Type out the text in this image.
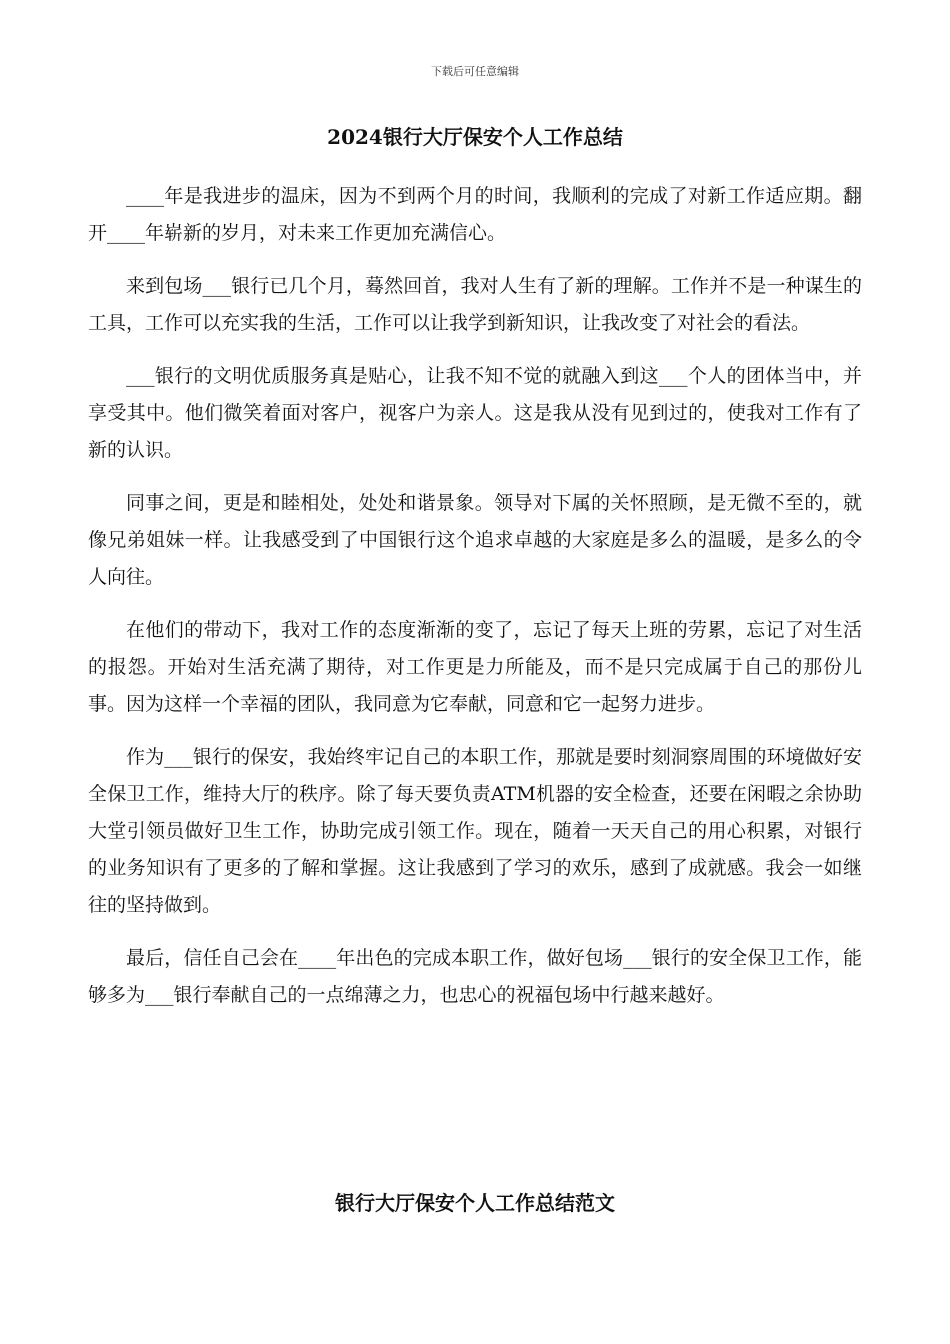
下载后可任意编辑
2024银行大厅保安个人工作总结

____年是我进步的温床，因为不到两个月的时间，我顺利的完成了对新工作适应期。翻开____年崭新的岁月，对未来工作更加充满信心。

来到包场___银行已几个月，蓦然回首，我对人生有了新的理解。工作并不是一种谋生的工具，工作可以充实我的生活，工作可以让我学到新知识，让我改变了对社会的看法。

___银行的文明优质服务真是贴心，让我不知不觉的就融入到这___个人的团体当中，并享受其中。他们微笑着面对客户，视客户为亲人。这是我从没有见到过的，使我对工作有了新的认识。

同事之间，更是和睦相处，处处和谐景象。领导对下属的关怀照顾，是无微不至的，就像兄弟姐妹一样。让我感受到了中国银行这个追求卓越的大家庭是多么的温暖，是多么的令人向往。

在他们的带动下，我对工作的态度渐渐的变了，忘记了每天上班的劳累，忘记了对生活的报怨。开始对生活充满了期待，对工作更是力所能及，而不是只完成属于自己的那份儿事。因为这样一个幸福的团队，我同意为它奉献，同意和它一起努力进步。

作为___银行的保安，我始终牢记自己的本职工作，那就是要时刻洞察周围的环境做好安全保卫工作，维持大厅的秩序。除了每天要负责ATM机器的安全检查，还要在闲暇之余协助大堂引领员做好卫生工作，协助完成引领工作。现在，随着一天天自己的用心积累，对银行的业务知识有了更多的了解和掌握。这让我感到了学习的欢乐，感到了成就感。我会一如继往的坚持做到。

最后，信任自己会在____年出色的完成本职工作，做好包场___银行的安全保卫工作，能够多为___银行奉献自己的一点绵薄之力，也忠心的祝福包场中行越来越好。

银行大厅保安个人工作总结范文
